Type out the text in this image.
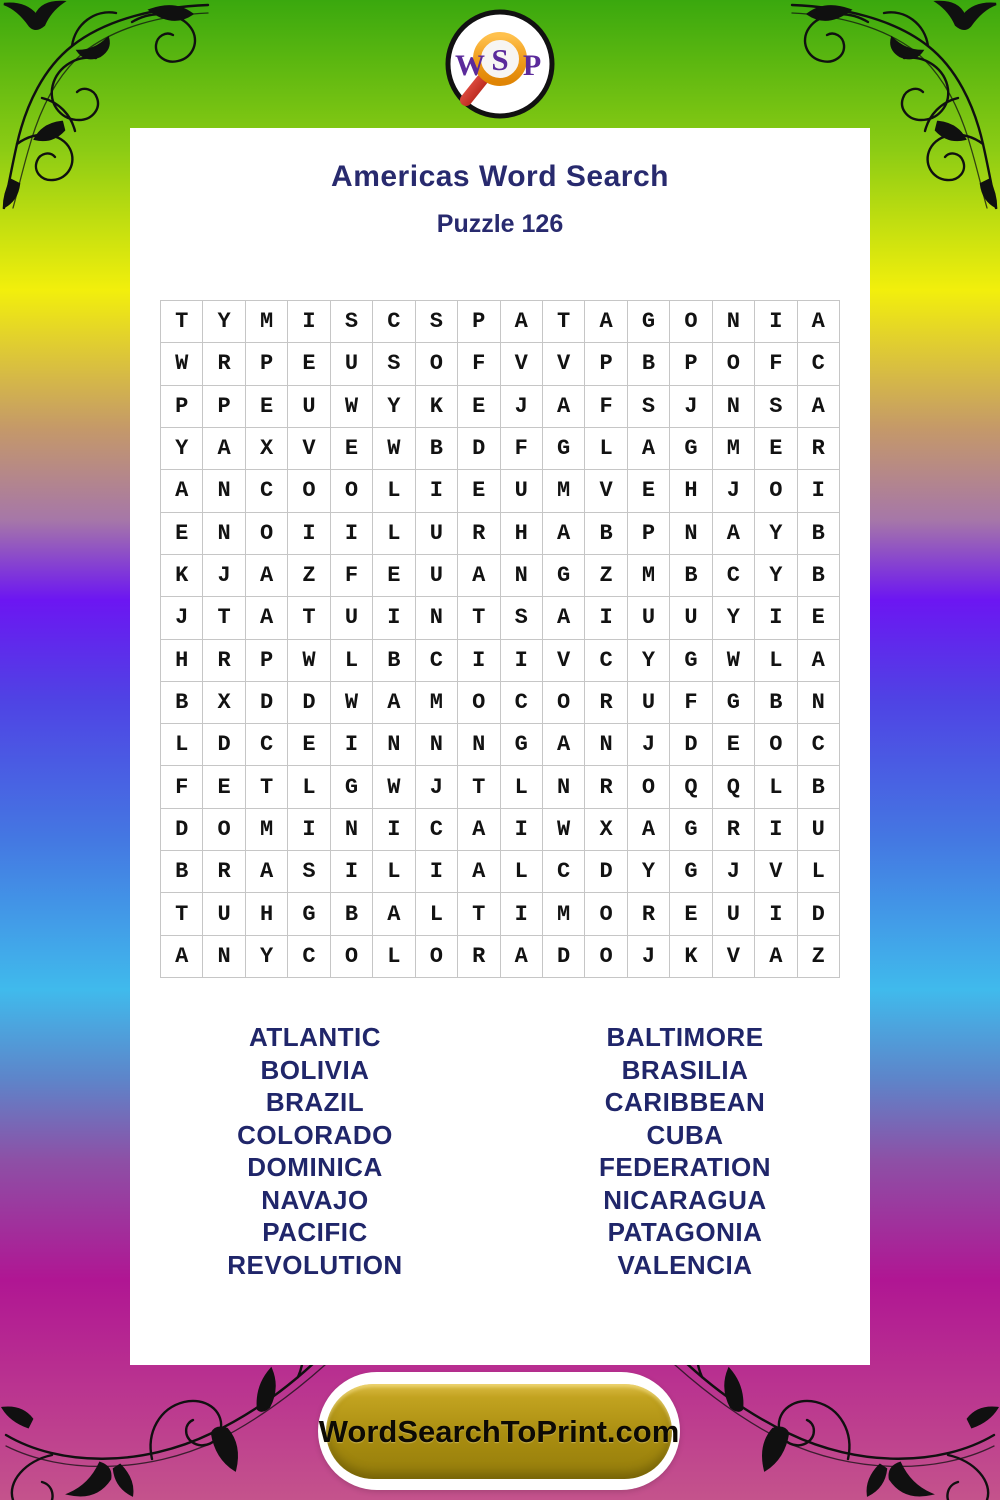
W S P
Americas Word Search
Puzzle 126
T	Y	M	I	S	C	S	P	A	T	A	G	O	N	I	A
W	R	P	E	U	S	O	F	V	V	P	B	P	O	F	C
P	P	E	U	W	Y	K	E	J	A	F	S	J	N	S	A
Y	A	X	V	E	W	B	D	F	G	L	A	G	M	E	R
A	N	C	O	O	L	I	E	U	M	V	E	H	J	O	I
E	N	O	I	I	L	U	R	H	A	B	P	N	A	Y	B
K	J	A	Z	F	E	U	A	N	G	Z	M	B	C	Y	B
J	T	A	T	U	I	N	T	S	A	I	U	U	Y	I	E
H	R	P	W	L	B	C	I	I	V	C	Y	G	W	L	A
B	X	D	D	W	A	M	O	C	O	R	U	F	G	B	N
L	D	C	E	I	N	N	N	G	A	N	J	D	E	O	C
F	E	T	L	G	W	J	T	L	N	R	O	Q	Q	L	B
D	O	M	I	N	I	C	A	I	W	X	A	G	R	I	U
B	R	A	S	I	L	I	A	L	C	D	Y	G	J	V	L
T	U	H	G	B	A	L	T	I	M	O	R	E	U	I	D
A	N	Y	C	O	L	O	R	A	D	O	J	K	V	A	Z
ATLANTIC
BOLIVIA
BRAZIL
COLORADO
DOMINICA
NAVAJO
PACIFIC
REVOLUTION
BALTIMORE
BRASILIA
CARIBBEAN
CUBA
FEDERATION
NICARAGUA
PATAGONIA
VALENCIA
WordSearchToPrint.com
